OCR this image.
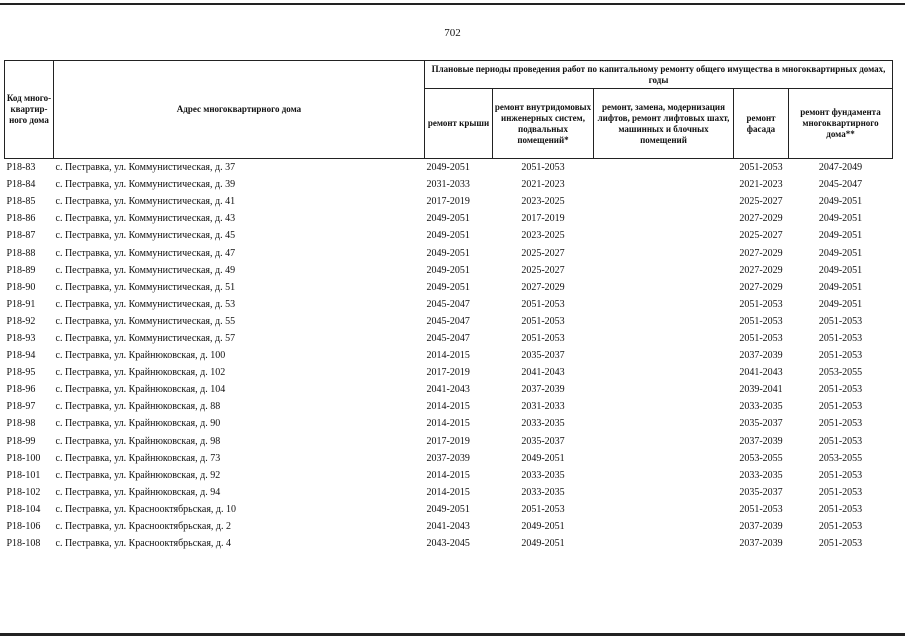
702
Код много-квартир-ного дома	Адрес многоквартирного дома	Плановые периоды проведения работ по капитальному ремонту общего имущества в многоквартирных домах, годы				
		ремонт крыши	ремонт внутридомовых инженерных систем, подвальных помещений*	ремонт, замена, модернизация лифтов, ремонт лифтовых шахт, машинных и блочных помещений	ремонт фасада	ремонт фундамента многоквартирного дома**
Р18-83	с. Пестравка, ул. Коммунистическая, д. 37	2049-2051	2051-2053		2051-2053	2047-2049
Р18-84	с. Пестравка, ул. Коммунистическая, д. 39	2031-2033	2021-2023		2021-2023	2045-2047
Р18-85	с. Пестравка, ул. Коммунистическая, д. 41	2017-2019	2023-2025		2025-2027	2049-2051
Р18-86	с. Пестравка, ул. Коммунистическая, д. 43	2049-2051	2017-2019		2027-2029	2049-2051
Р18-87	с. Пестравка, ул. Коммунистическая, д. 45	2049-2051	2023-2025		2025-2027	2049-2051
Р18-88	с. Пестравка, ул. Коммунистическая, д. 47	2049-2051	2025-2027		2027-2029	2049-2051
Р18-89	с. Пестравка, ул. Коммунистическая, д. 49	2049-2051	2025-2027		2027-2029	2049-2051
Р18-90	с. Пестравка, ул. Коммунистическая, д. 51	2049-2051	2027-2029		2027-2029	2049-2051
Р18-91	с. Пестравка, ул. Коммунистическая, д. 53	2045-2047	2051-2053		2051-2053	2049-2051
Р18-92	с. Пестравка, ул. Коммунистическая, д. 55	2045-2047	2051-2053		2051-2053	2051-2053
Р18-93	с. Пестравка, ул. Коммунистическая, д. 57	2045-2047	2051-2053		2051-2053	2051-2053
Р18-94	с. Пестравка, ул. Крайнюковская, д. 100	2014-2015	2035-2037		2037-2039	2051-2053
Р18-95	с. Пестравка, ул. Крайнюковская, д. 102	2017-2019	2041-2043		2041-2043	2053-2055
Р18-96	с. Пестравка, ул. Крайнюковская, д. 104	2041-2043	2037-2039		2039-2041	2051-2053
Р18-97	с. Пестравка, ул. Крайнюковская, д. 88	2014-2015	2031-2033		2033-2035	2051-2053
Р18-98	с. Пестравка, ул. Крайнюковская, д. 90	2014-2015	2033-2035		2035-2037	2051-2053
Р18-99	с. Пестравка, ул. Крайнюковская, д. 98	2017-2019	2035-2037		2037-2039	2051-2053
Р18-100	с. Пестравка, ул. Крайнюковская, д. 73	2037-2039	2049-2051		2053-2055	2053-2055
Р18-101	с. Пестравка, ул. Крайнюковская, д. 92	2014-2015	2033-2035		2033-2035	2051-2053
Р18-102	с. Пестравка, ул. Крайнюковская, д. 94	2014-2015	2033-2035		2035-2037	2051-2053
Р18-104	с. Пестравка, ул. Краснооктябрьская, д. 10	2049-2051	2051-2053		2051-2053	2051-2053
Р18-106	с. Пестравка, ул. Краснооктябрьская, д. 2	2041-2043	2049-2051		2037-2039	2051-2053
Р18-108	с. Пестравка, ул. Краснооктябрьская, д. 4	2043-2045	2049-2051		2037-2039	2051-2053
